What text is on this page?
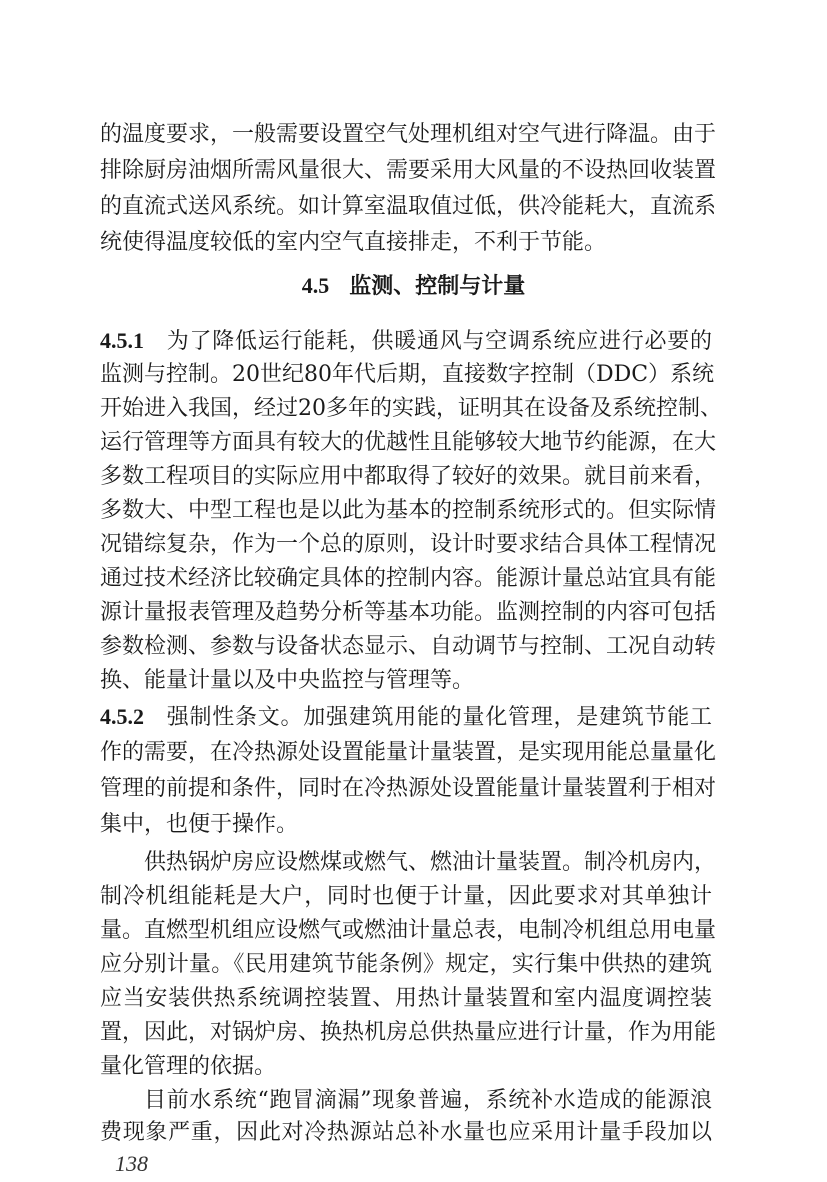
的温度要求，一般需要设置空气处理机组对空气进行降温。由于
排除厨房油烟所需风量很大、需要采用大风量的不设热回收装置
的直流式送风系统。如计算室温取值过低，供冷能耗大，直流系
统使得温度较低的室内空气直接排走，不利于节能。
4.5 监测、控制与计量
4.5.1 为了降低运行能耗，供暖通风与空调系统应进行必要的
监测与控制。20世纪80年代后期，直接数字控制（DDC）系统
开始进入我国，经过20多年的实践，证明其在设备及系统控制、
运行管理等方面具有较大的优越性且能够较大地节约能源，在大
多数工程项目的实际应用中都取得了较好的效果。就目前来看，
多数大、中型工程也是以此为基本的控制系统形式的。但实际情
况错综复杂，作为一个总的原则，设计时要求结合具体工程情况
通过技术经济比较确定具体的控制内容。能源计量总站宜具有能
源计量报表管理及趋势分析等基本功能。监测控制的内容可包括
参数检测、参数与设备状态显示、自动调节与控制、工况自动转
换、能量计量以及中央监控与管理等。
4.5.2 强制性条文。加强建筑用能的量化管理，是建筑节能工
作的需要，在冷热源处设置能量计量装置，是实现用能总量量化
管理的前提和条件，同时在冷热源处设置能量计量装置利于相对
集中，也便于操作。
供热锅炉房应设燃煤或燃气、燃油计量装置。制冷机房内，
制冷机组能耗是大户，同时也便于计量，因此要求对其单独计
量。直燃型机组应设燃气或燃油计量总表，电制冷机组总用电量
应分别计量。《民用建筑节能条例》规定，实行集中供热的建筑
应当安装供热系统调控装置、用热计量装置和室内温度调控装
置，因此，对锅炉房、换热机房总供热量应进行计量，作为用能
量化管理的依据。
目前水系统“跑冒滴漏”现象普遍，系统补水造成的能源浪
费现象严重，因此对冷热源站总补水量也应采用计量手段加以
138
